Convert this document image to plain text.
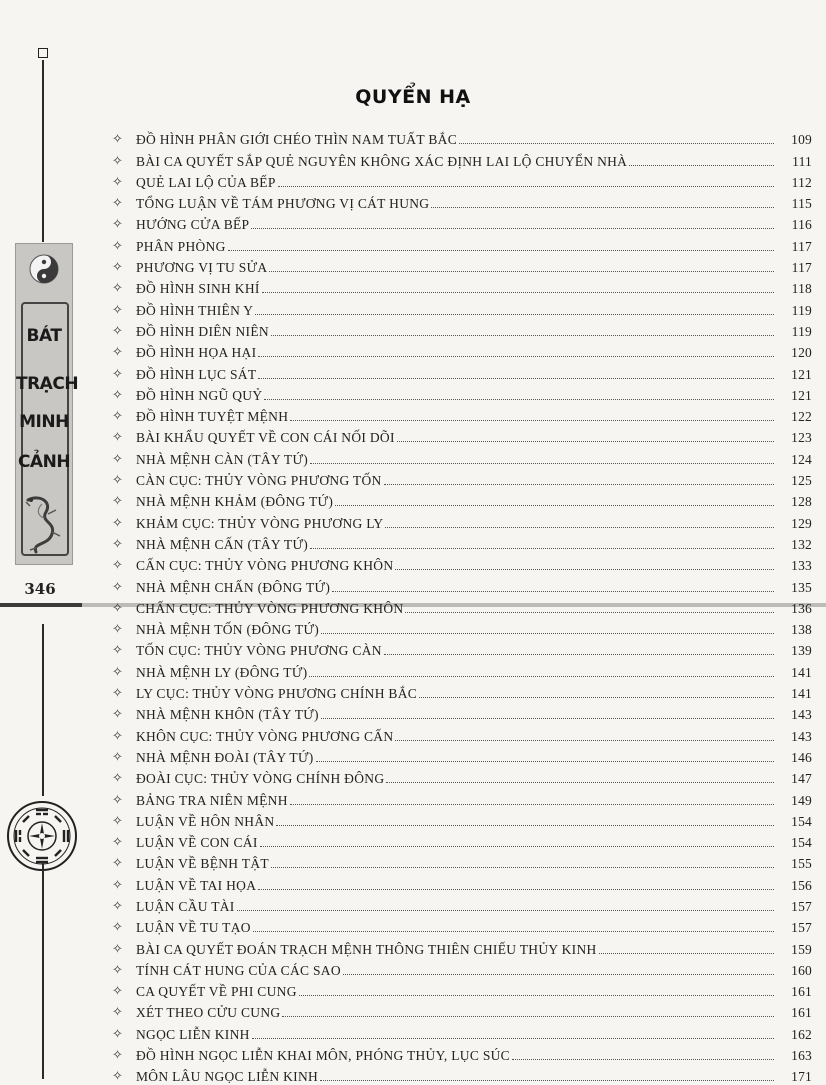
BÁT
TRẠCH
MINH
CẢNH
346
QUYỂN HẠ
✧ ĐỒ HÌNH PHÂN GIỚI CHÉO THÌN NAM TUẤT BẮC	109
✧ BÀI CA QUYẾT SẮP QUẺ NGUYÊN KHÔNG XÁC ĐỊNH LAI LỘ CHUYỂN NHÀ	111
✧ QUẺ LAI LỘ CỦA BẾP	112
✧ TỔNG LUẬN VỀ TÁM PHƯƠNG VỊ CÁT HUNG	115
✧ HƯỚNG CỬA BẾP	116
✧ PHÂN PHÒNG	117
✧ PHƯƠNG VỊ TU SỬA	117
✧ ĐỒ HÌNH SINH KHÍ	118
✧ ĐỒ HÌNH THIÊN Y	119
✧ ĐỒ HÌNH DIÊN NIÊN	119
✧ ĐỒ HÌNH HỌA HẠI	120
✧ ĐỒ HÌNH LỤC SÁT	121
✧ ĐỒ HÌNH NGŨ QUỶ	121
✧ ĐỒ HÌNH TUYỆT MỆNH	122
✧ BÀI KHẨU QUYẾT VỀ CON CÁI NỐI DÕI	123
✧ NHÀ MỆNH CÀN (TÂY TỨ)	124
✧ CÀN CỤC: THỦY VÒNG PHƯƠNG TỐN	125
✧ NHÀ MỆNH KHẢM (ĐÔNG TỨ)	128
✧ KHẢM CỤC: THỦY VÒNG PHƯƠNG LY	129
✧ NHÀ MỆNH CẤN (TÂY TỨ)	132
✧ CẤN CỤC: THỦY VÒNG PHƯƠNG KHÔN	133
✧ NHÀ MỆNH CHẤN (ĐÔNG TỨ)	135
✧ CHẤN CỤC: THỦY VÒNG PHƯƠNG KHÔN	136
✧ NHÀ MỆNH TỐN (ĐÔNG TỨ)	138
✧ TỐN CỤC: THỦY VÒNG PHƯƠNG CÀN	139
✧ NHÀ MỆNH LY (ĐÔNG TỨ)	141
✧ LY CỤC: THỦY VÒNG PHƯƠNG CHÍNH BẮC	141
✧ NHÀ MỆNH KHÔN (TÂY TỨ)	143
✧ KHÔN CỤC: THỦY VÒNG PHƯƠNG CẤN	143
✧ NHÀ MỆNH ĐOÀI (TÂY TỨ)	146
✧ ĐOÀI CỤC: THỦY VÒNG CHÍNH ĐÔNG	147
✧ BẢNG TRA NIÊN MỆNH	149
✧ LUẬN VỀ HÔN NHÂN	154
✧ LUẬN VỀ CON CÁI	154
✧ LUẬN VỀ BỆNH TẬT	155
✧ LUẬN VỀ TAI HỌA	156
✧ LUẬN CẦU TÀI	157
✧ LUẬN VỀ TU TẠO	157
✧ BÀI CA QUYẾT ĐOÁN TRẠCH MỆNH THÔNG THIÊN CHIẾU THỦY KINH	159
✧ TÍNH CÁT HUNG CỦA CÁC SAO	160
✧ CA QUYẾT VỀ PHI CUNG	161
✧ XÉT THEO CỬU CUNG	161
✧ NGỌC LIỄN KINH	162
✧ ĐỒ HÌNH NGỌC LIỄN KHAI MÔN, PHÓNG THỦY, LỤC SÚC	163
✧ MÔN LÂU NGỌC LIỄN KINH	171
